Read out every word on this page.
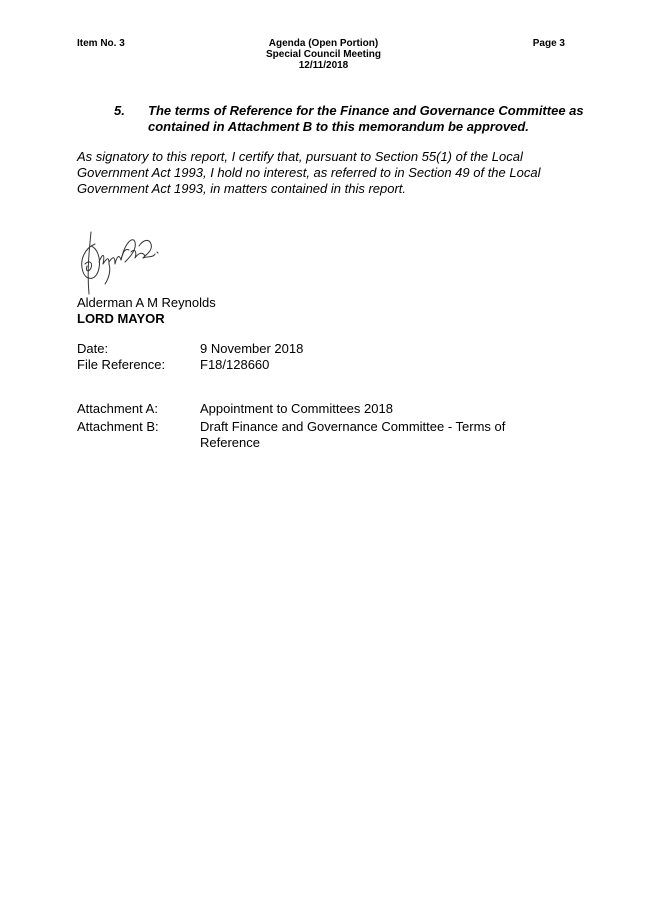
Item No. 3	Agenda (Open Portion)
Special Council Meeting
12/11/2018
Page 3
5. The terms of Reference for the Finance and Governance Committee as contained in Attachment B to this memorandum be approved.
As signatory to this report, I certify that, pursuant to Section 55(1) of the Local Government Act 1993, I hold no interest, as referred to in Section 49 of the Local Government Act 1993, in matters contained in this report.
Alderman A M Reynolds
LORD MAYOR
Date:	9 November 2018
File Reference:	F18/128660
Attachment A:	Appointment to Committees 2018
Attachment B:	Draft Finance and Governance Committee - Terms of Reference
